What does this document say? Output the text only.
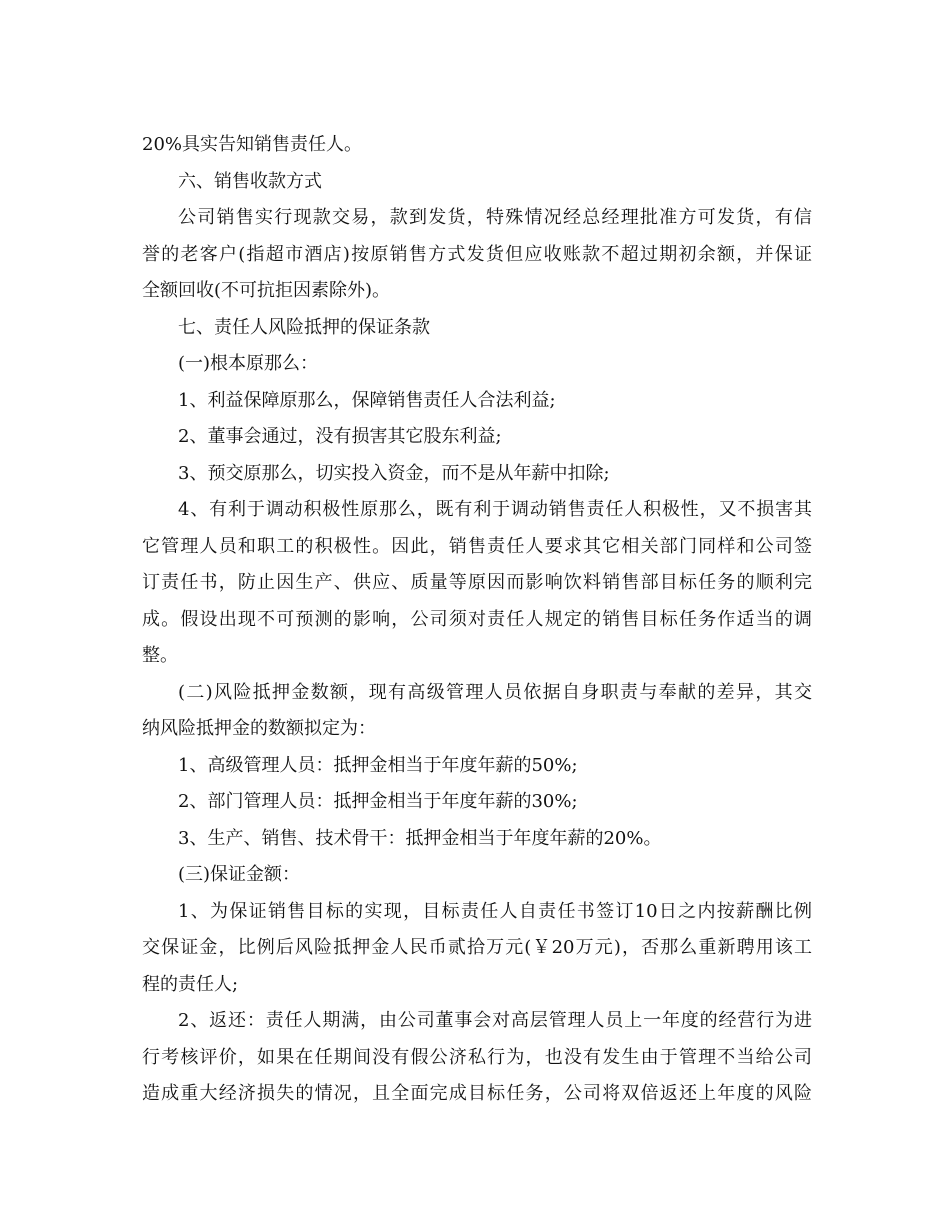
20%具实告知销售责任人。
六、销售收款方式
公司销售实行现款交易，款到发货，特殊情况经总经理批准方可发货，有信
誉的老客户(指超市酒店)按原销售方式发货但应收账款不超过期初余额，并保证
全额回收(不可抗拒因素除外)。
七、责任人风险抵押的保证条款
(一)根本原那么：
1、利益保障原那么，保障销售责任人合法利益;
2、董事会通过，没有损害其它股东利益;
3、预交原那么，切实投入资金，而不是从年薪中扣除;
4、有利于调动积极性原那么，既有利于调动销售责任人积极性，又不损害其
它管理人员和职工的积极性。因此，销售责任人要求其它相关部门同样和公司签
订责任书，防止因生产、供应、质量等原因而影响饮料销售部目标任务的顺利完
成。假设出现不可预测的影响，公司须对责任人规定的销售目标任务作适当的调
整。
(二)风险抵押金数额，现有高级管理人员依据自身职责与奉献的差异，其交
纳风险抵押金的数额拟定为：
1、高级管理人员：抵押金相当于年度年薪的50%;
2、部门管理人员：抵押金相当于年度年薪的30%;
3、生产、销售、技术骨干：抵押金相当于年度年薪的20%。
(三)保证金额：
1、为保证销售目标的实现，目标责任人自责任书签订10日之内按薪酬比例
交保证金，比例后风险抵押金人民币贰拾万元(￥20万元)，否那么重新聘用该工
程的责任人;
2、返还：责任人期满，由公司董事会对高层管理人员上一年度的经营行为进
行考核评价，如果在任期间没有假公济私行为，也没有发生由于管理不当给公司
造成重大经济损失的情况，且全面完成目标任务，公司将双倍返还上年度的风险
